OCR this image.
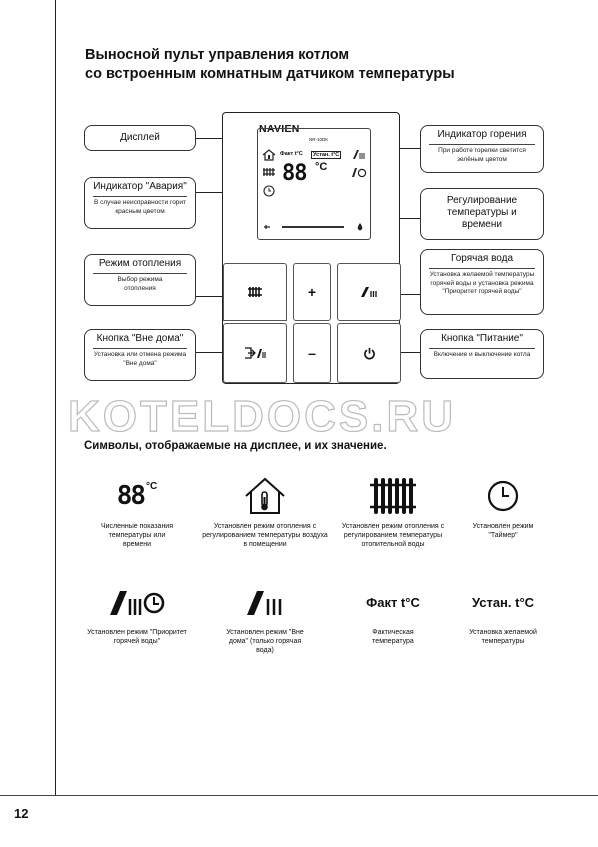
12
Выносной пульт управления котлом
со встроенным комнатным датчиком температуры
Дисплей
Индикатор "Авария"
В случае неисправности горит красным цветом
Режим отопления
Выбор режима отопления
Кнопка "Вне дома"
Установка или отмена режима "Вне дома"
Индикатор горения
При работе горелки светится зелёным цветом
Регулирование температуры и времени
Горячая вода
Установка желаемой температуры горячей воды и установка режима "Приоритет горячей воды"
Кнопка "Питание"
Включение и выключение котла
NAVIEN
NR-10DK
Факт t°C	Устан. t°C
88 °C
+
–
KOTELDOCS.RU
Символы, отображаемые на дисплее, и их значение.
88 °C
Численные показания температуры или времени
Установлен режим отопления с регулированием температуры воздуха в помещении
Установлен режим отопления с регулированием температуры отопительной воды
Установлен режим "Таймер"
Установлен режим "Приоритет горячей воды"
Установлен режим "Вне дома" (только горячая вода)
Факт t°C
Фактическая температура
Устан. t°C
Установка желаемой температуры
